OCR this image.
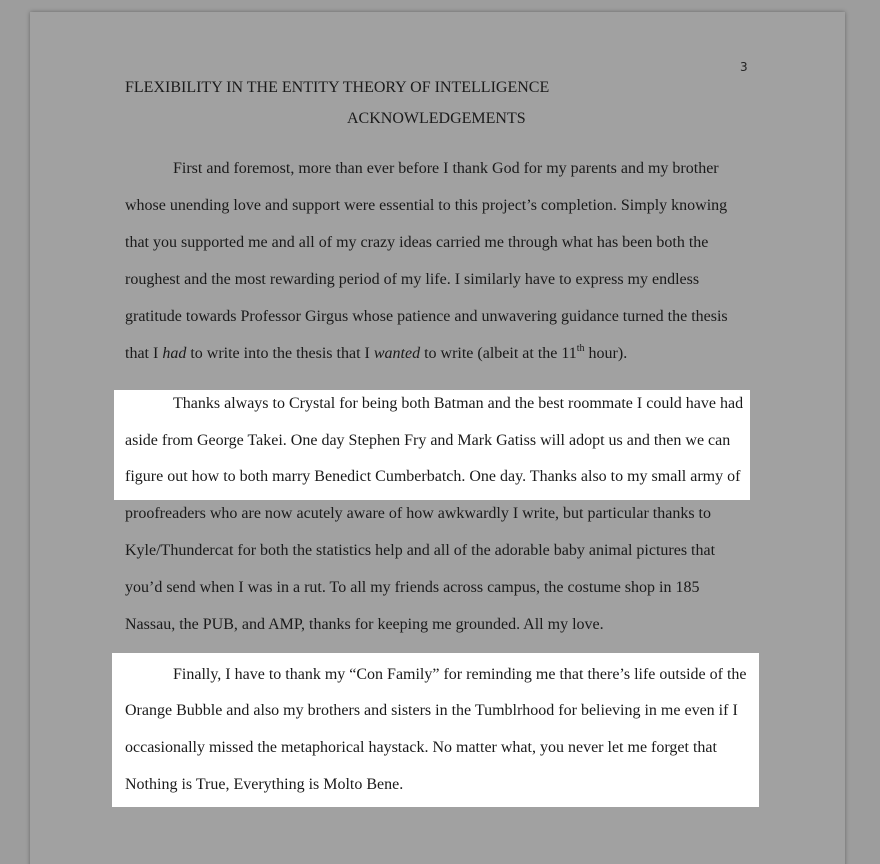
3
FLEXIBILITY IN THE ENTITY THEORY OF INTELLIGENCE
ACKNOWLEDGEMENTS
First and foremost, more than ever before I thank God for my parents and my brother
whose unending love and support were essential to this project’s completion. Simply knowing
that you supported me and all of my crazy ideas carried me through what has been both the
roughest and the most rewarding period of my life. I similarly have to express my endless
gratitude towards Professor Girgus whose patience and unwavering guidance turned the thesis
that I had to write into the thesis that I wanted to write (albeit at the 11th hour).
Thanks always to Crystal for being both Batman and the best roommate I could have had
aside from George Takei. One day Stephen Fry and Mark Gatiss will adopt us and then we can
figure out how to both marry Benedict Cumberbatch. One day. Thanks also to my small army of
proofreaders who are now acutely aware of how awkwardly I write, but particular thanks to
Kyle/Thundercat for both the statistics help and all of the adorable baby animal pictures that
you’d send when I was in a rut. To all my friends across campus, the costume shop in 185
Nassau, the PUB, and AMP, thanks for keeping me grounded. All my love.
Finally, I have to thank my “Con Family” for reminding me that there’s life outside of the
Orange Bubble and also my brothers and sisters in the Tumblrhood for believing in me even if I
occasionally missed the metaphorical haystack. No matter what, you never let me forget that
Nothing is True, Everything is Molto Bene.
